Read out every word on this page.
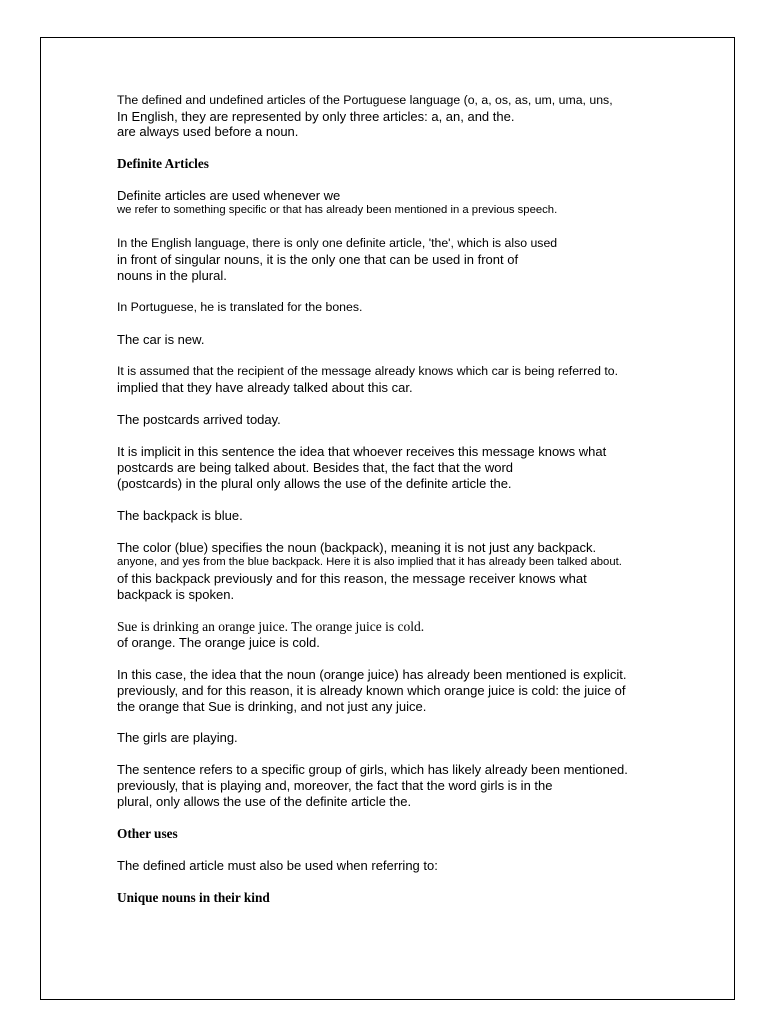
The defined and undefined articles of the Portuguese language (o, a, os, as, um, uma, uns,
In English, they are represented by only three articles: a, an, and the.
are always used before a noun.
Definite Articles
Definite articles are used whenever we
we refer to something specific or that has already been mentioned in a previous speech.
In the English language, there is only one definite article, 'the', which is also used
in front of singular nouns, it is the only one that can be used in front of
nouns in the plural.
In Portuguese, he is translated for the bones.
The car is new.
It is assumed that the recipient of the message already knows which car is being referred to.
implied that they have already talked about this car.
The postcards arrived today.
It is implicit in this sentence the idea that whoever receives this message knows what
postcards are being talked about. Besides that, the fact that the word
(postcards) in the plural only allows the use of the definite article the.
The backpack is blue.
The color (blue) specifies the noun (backpack), meaning it is not just any backpack.
anyone, and yes from the blue backpack. Here it is also implied that it has already been talked about.
of this backpack previously and for this reason, the message receiver knows what
backpack is spoken.
Sue is drinking an orange juice. The orange juice is cold.
of orange. The orange juice is cold.
In this case, the idea that the noun (orange juice) has already been mentioned is explicit.
previously, and for this reason, it is already known which orange juice is cold: the juice of
the orange that Sue is drinking, and not just any juice.
The girls are playing.
The sentence refers to a specific group of girls, which has likely already been mentioned.
previously, that is playing and, moreover, the fact that the word girls is in the
plural, only allows the use of the definite article the.
Other uses
The defined article must also be used when referring to:
Unique nouns in their kind
